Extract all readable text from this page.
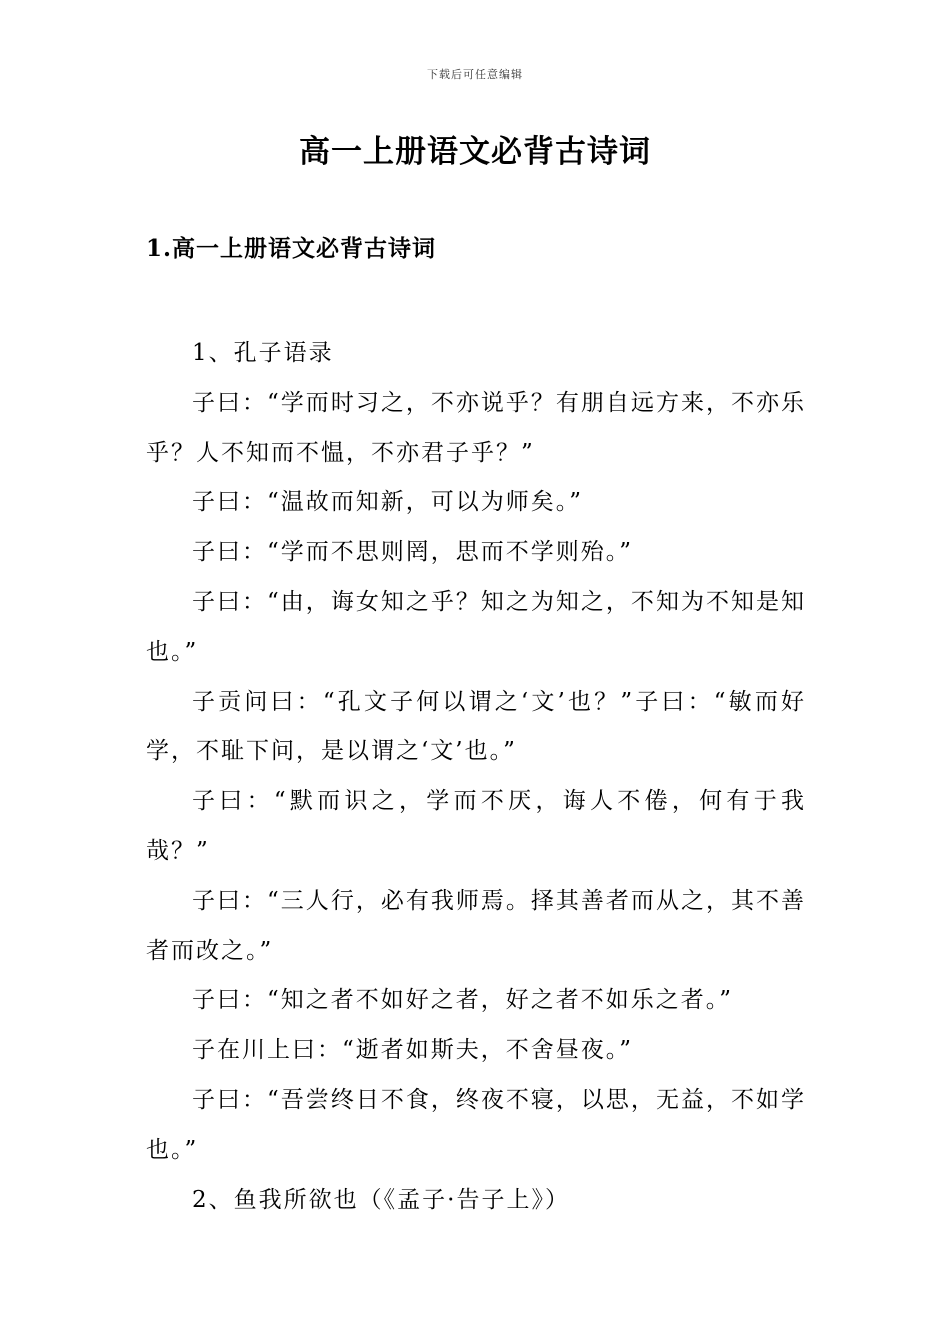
下载后可任意编辑
高一上册语文必背古诗词
1.高一上册语文必背古诗词

1、孔子语录

子曰：“学而时习之，不亦说乎？有朋自远方来，不亦乐乎？人不知而不愠，不亦君子乎？”

子曰：“温故而知新，可以为师矣。”

子曰：“学而不思则罔，思而不学则殆。”

子曰：“由，诲女知之乎？知之为知之，不知为不知是知也。”

子贡问曰：“孔文子何以谓之‘文’也？”子曰：“敏而好学，不耻下问，是以谓之‘文’也。”

子曰：“默而识之，学而不厌，诲人不倦，何有于我哉？”

子曰：“三人行，必有我师焉。择其善者而从之，其不善者而改之。”

子曰：“知之者不如好之者，好之者不如乐之者。”

子在川上曰：“逝者如斯夫，不舍昼夜。”

子曰：“吾尝终日不食，终夜不寝，以思，无益，不如学也。”

2、鱼我所欲也（《孟子·告子上》）
